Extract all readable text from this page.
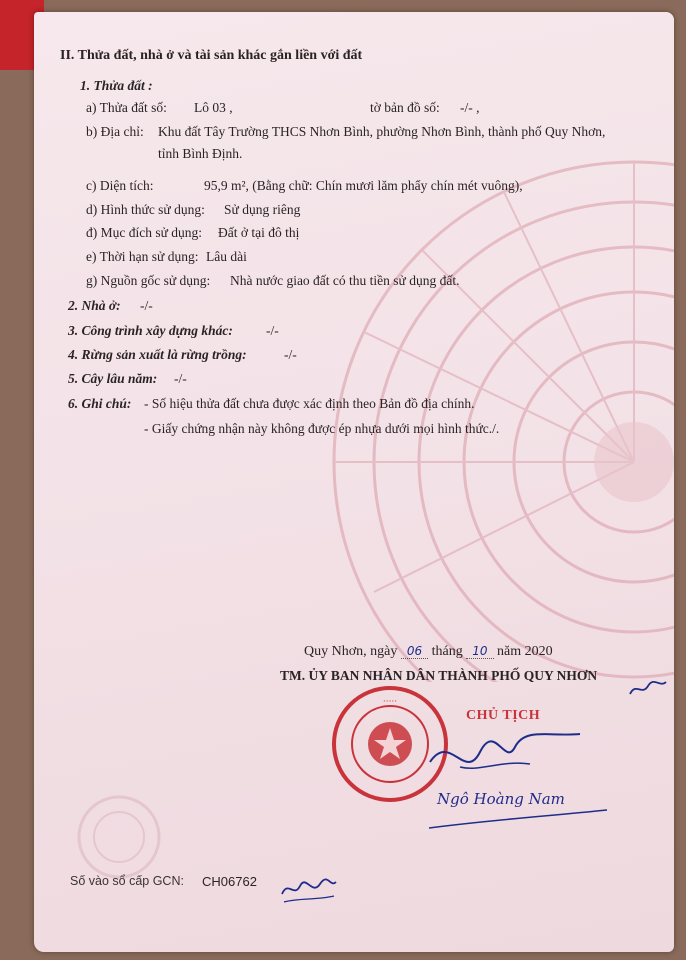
II. Thửa đất, nhà ở và tài sản khác gắn liền với đất
1. Thửa đất :
a) Thửa đất số: Lô 03 ,	tờ bản đồ số: -/- ,
b) Địa chỉ: Khu đất Tây Trường THCS Nhơn Bình, phường Nhơn Bình, thành phố Quy Nhơn,
tỉnh Bình Định.
c) Diện tích:	95,9 m², (Bằng chữ: Chín mươi lăm phẩy chín mét vuông),
d) Hình thức sử dụng: Sử dụng riêng
đ) Mục đích sử dụng: Đất ở tại đô thị
e) Thời hạn sử dụng: Lâu dài
g) Nguồn gốc sử dụng: Nhà nước giao đất có thu tiền sử dụng đất.
2. Nhà ở: -/-
3. Công trình xây dựng khác: -/-
4. Rừng sản xuất là rừng trồng:	-/-
5. Cây lâu năm: -/-
6. Ghi chú: - Số hiệu thửa đất chưa được xác định theo Bản đồ địa chính.
- Giấy chứng nhận này không được ép nhựa dưới mọi hình thức./.
Quy Nhơn, ngày 06 tháng 10 năm 2020
TM. ỦY BAN NHÂN DÂN THÀNH PHỐ QUY NHƠN
Số vào sổ cấp GCN: CH06762
·····
CHỦ TỊCH
Ngô Hoàng Nam
